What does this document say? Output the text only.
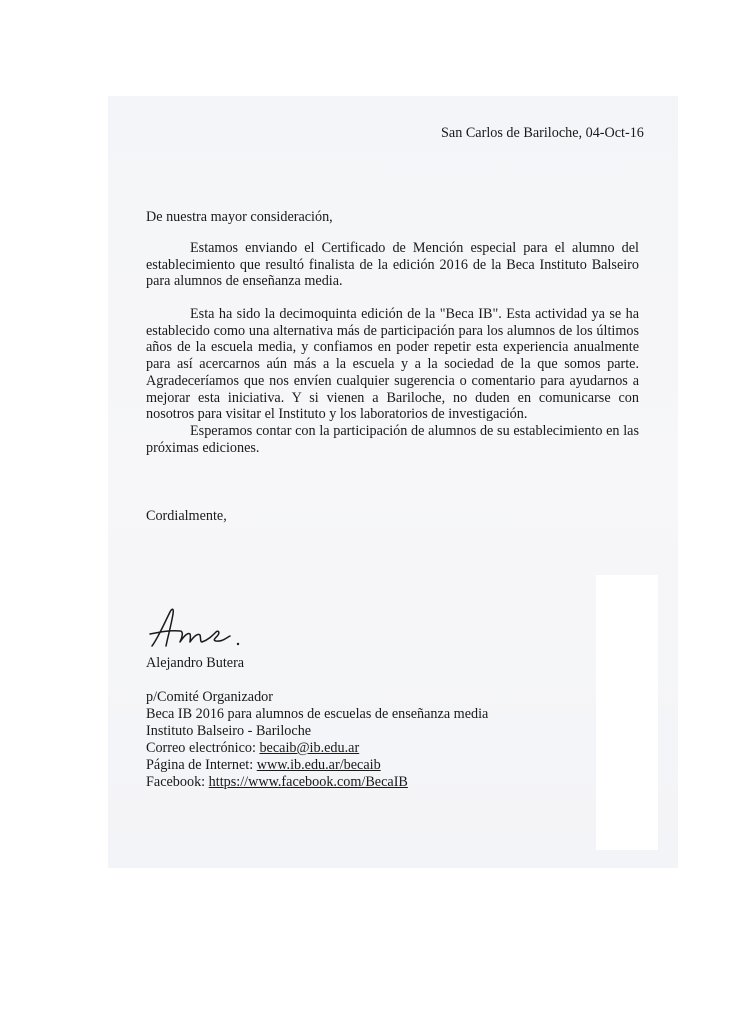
San Carlos de Bariloche, 04-Oct-16
De nuestra mayor consideración,
Estamos enviando el Certificado de Mención especial para el alumno del
establecimiento que resultó finalista de la edición 2016 de la Beca Instituto Balseiro
para alumnos de enseñanza media.
Esta ha sido la decimoquinta edición de la "Beca IB". Esta actividad ya se ha
establecido como una alternativa más de participación para los alumnos de los últimos
años de la escuela media, y confiamos en poder repetir esta experiencia anualmente
para así acercarnos aún más a la escuela y a la sociedad de la que somos parte.
Agradeceríamos que nos envíen cualquier sugerencia o comentario para ayudarnos a
mejorar esta iniciativa. Y si vienen a Bariloche, no duden en comunicarse con
nosotros para visitar el Instituto y los laboratorios de investigación.
Esperamos contar con la participación de alumnos de su establecimiento en las
próximas ediciones.
Cordialmente,
Alejandro Butera
p/Comité Organizador
Beca IB 2016 para alumnos de escuelas de enseñanza media
Instituto Balseiro - Bariloche
Correo electrónico: becaib@ib.edu.ar
Página de Internet: www.ib.edu.ar/becaib
Facebook: https://www.facebook.com/BecaIB
